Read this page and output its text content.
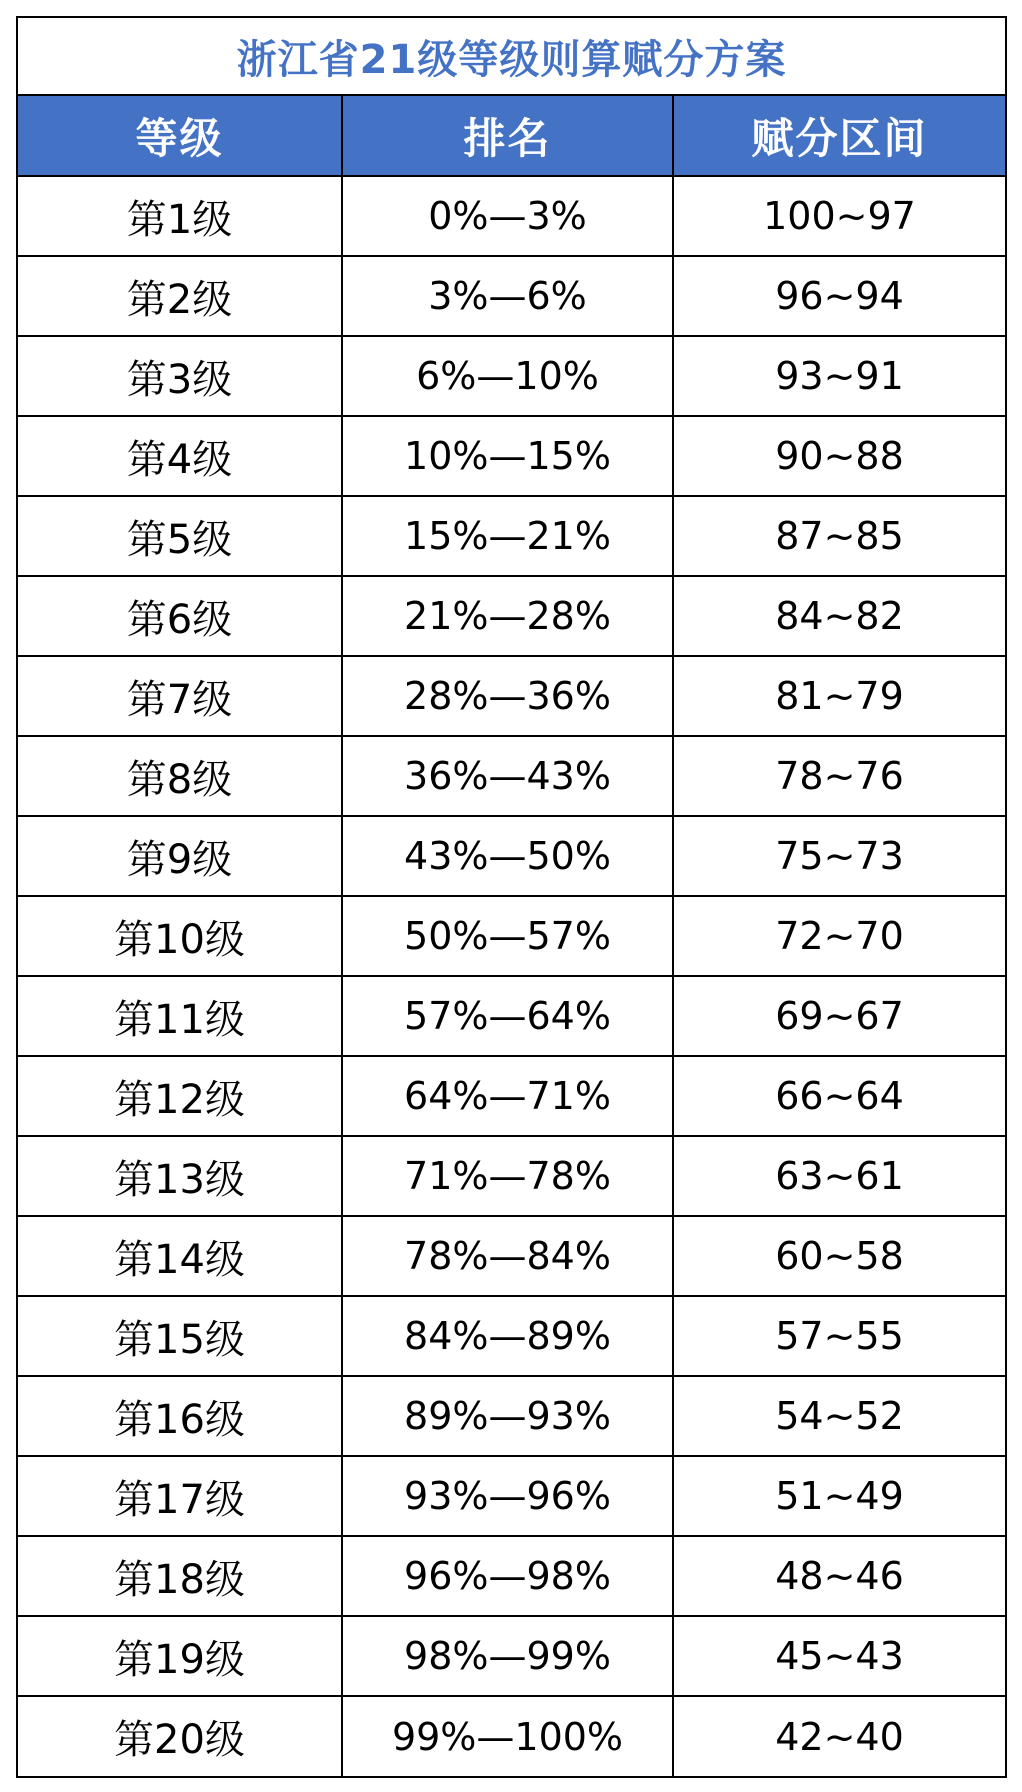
浙江省21级等级则算赋分方案
等级	排名	赋分区间
第1级	0%—3%	100~97
第2级	3%—6%	96~94
第3级	6%—10%	93~91
第4级	10%—15%	90~88
第5级	15%—21%	87~85
第6级	21%—28%	84~82
第7级	28%—36%	81~79
第8级	36%—43%	78~76
第9级	43%—50%	75~73
第10级	50%—57%	72~70
第11级	57%—64%	69~67
第12级	64%—71%	66~64
第13级	71%—78%	63~61
第14级	78%—84%	60~58
第15级	84%—89%	57~55
第16级	89%—93%	54~52
第17级	93%—96%	51~49
第18级	96%—98%	48~46
第19级	98%—99%	45~43
第20级	99%—100%	42~40
